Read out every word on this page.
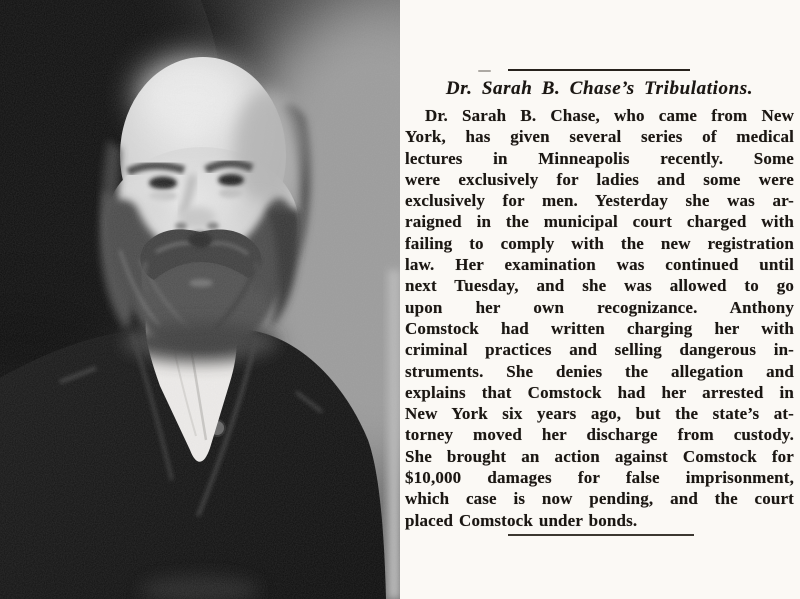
Dr. Sarah B. Chase’s Tribulations.

Dr. Sarah B. Chase, who came from New

York, has given several series of medical

lectures in Minneapolis recently. Some

were exclusively for ladies and some were

exclusively for men. Yesterday she was ar-

raigned in the municipal court charged with

failing to comply with the new registration

law. Her examination was continued until

next Tuesday, and she was allowed to go

upon her own recognizance. Anthony

Comstock had written charging her with

criminal practices and selling dangerous in-

struments. She denies the allegation and

explains that Comstock had her arrested in

New York six years ago, but the state’s at-

torney moved her discharge from custody.

She brought an action against Comstock for

$10,000 damages for false imprisonment,

which case is now pending, and the court

placed Comstock under bonds.
